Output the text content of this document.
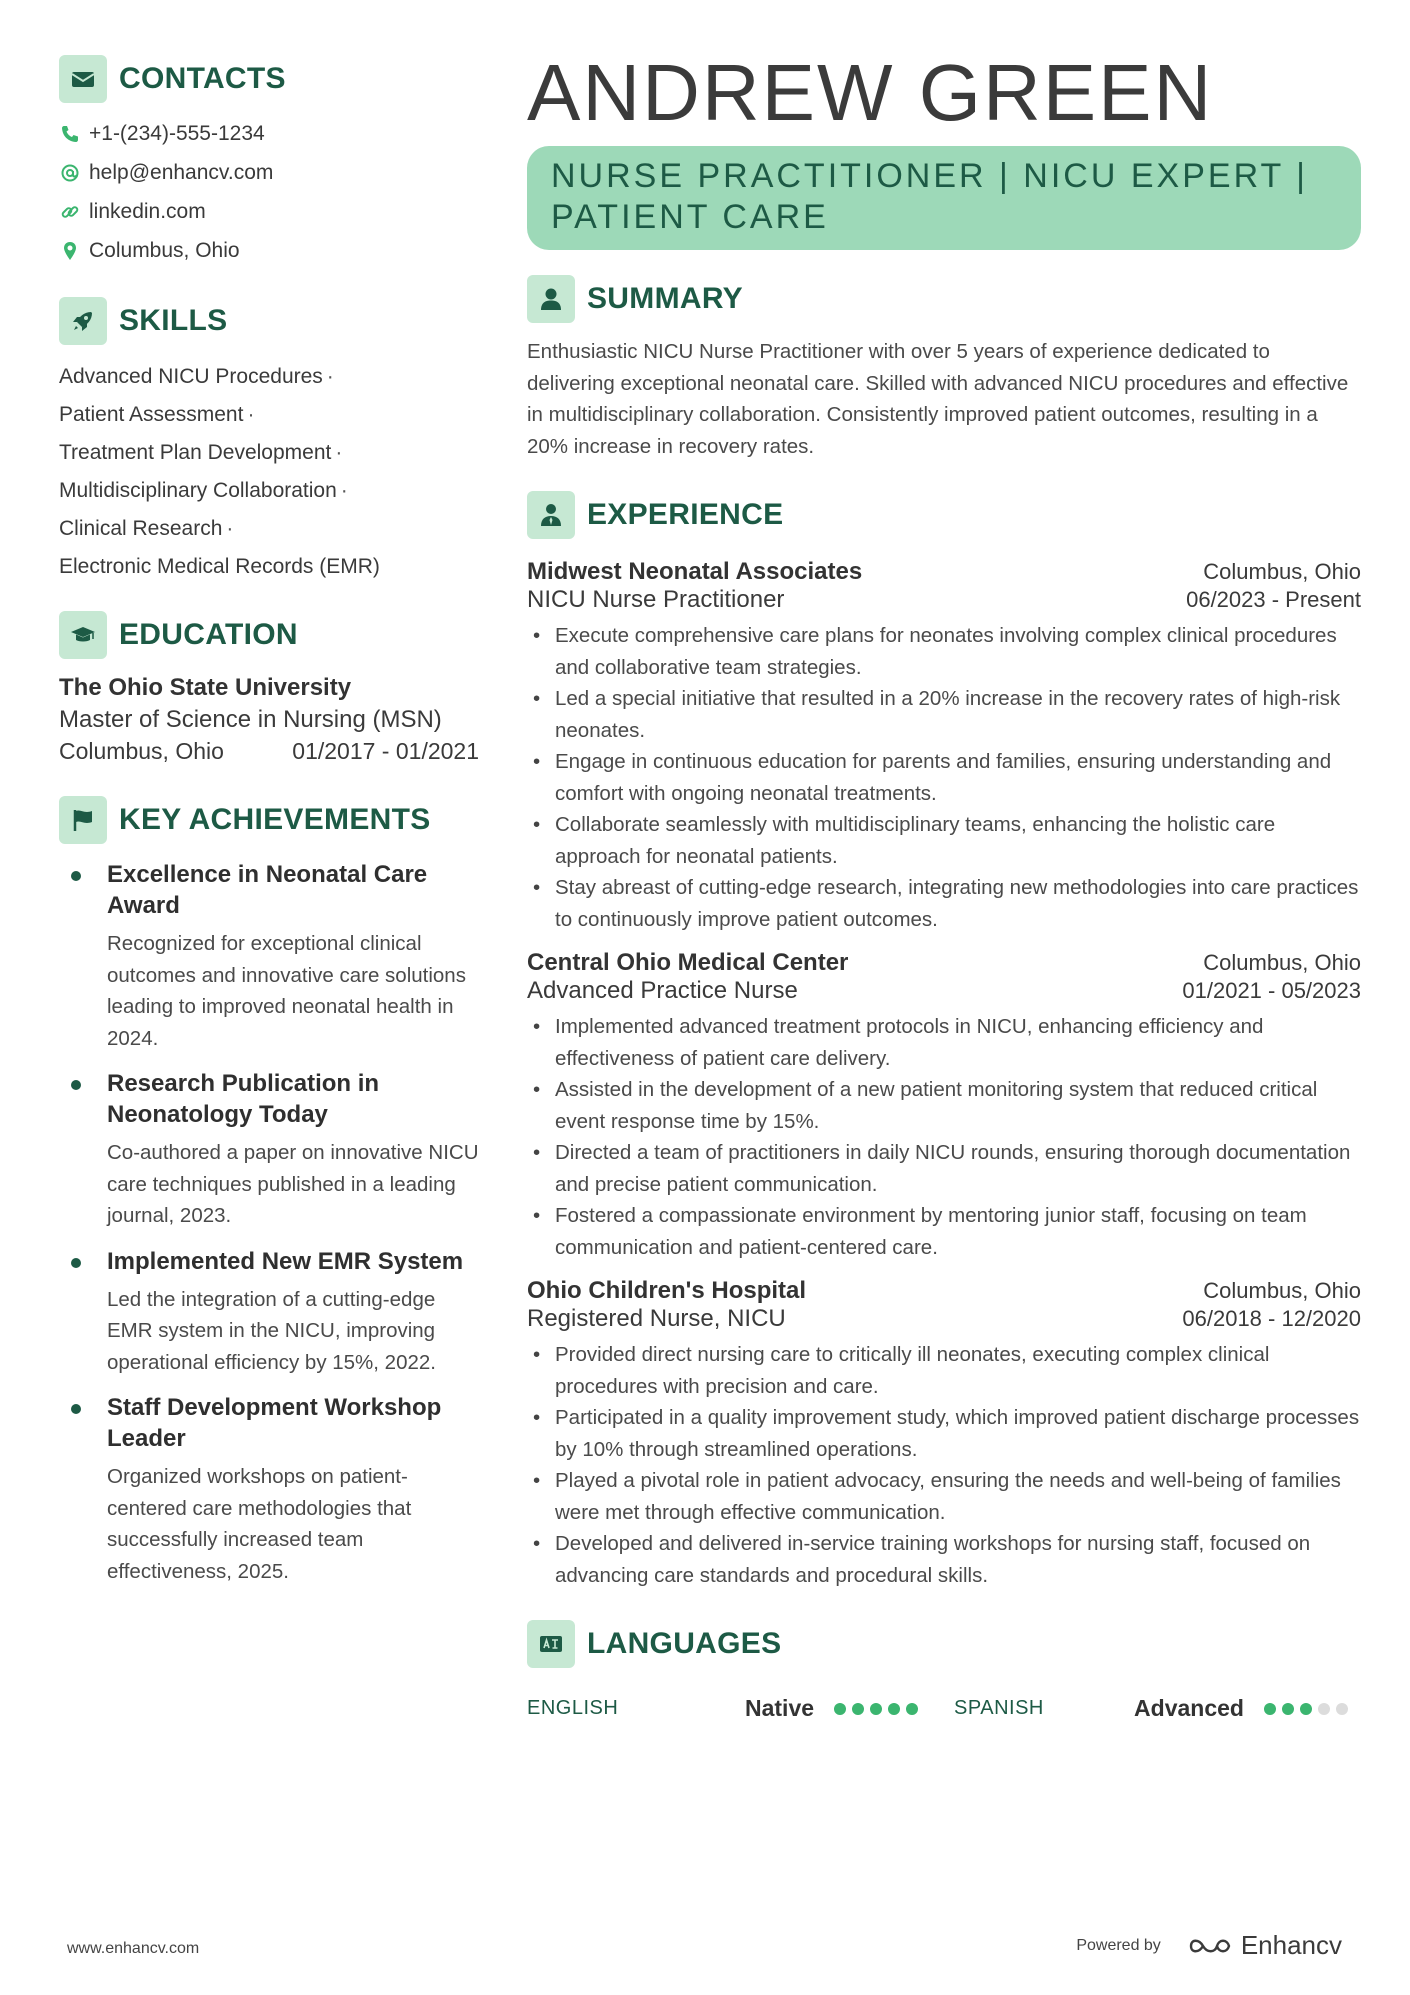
CONTACTS
+1-(234)-555-1234
help@enhancv.com
linkedin.com
Columbus, Ohio
SKILLS
Advanced NICU Procedures ·
Patient Assessment ·
Treatment Plan Development ·
Multidisciplinary Collaboration ·
Clinical Research ·
Electronic Medical Records (EMR)
EDUCATION
The Ohio State University
Master of Science in Nursing (MSN)
Columbus, Ohio	01/2017 - 01/2021
KEY ACHIEVEMENTS
Excellence in Neonatal Care Award
Recognized for exceptional clinical outcomes and innovative care solutions leading to improved neonatal health in 2024.
Research Publication in Neonatology Today
Co-authored a paper on innovative NICU care techniques published in a leading journal, 2023.
Implemented New EMR System
Led the integration of a cutting-edge EMR system in the NICU, improving operational efficiency by 15%, 2022.
Staff Development Workshop Leader
Organized workshops on patient-centered care methodologies that successfully increased team effectiveness, 2025.
ANDREW GREEN
NURSE PRACTITIONER | NICU EXPERT | PATIENT CARE
SUMMARY
Enthusiastic NICU Nurse Practitioner with over 5 years of experience dedicated to delivering exceptional neonatal care. Skilled with advanced NICU procedures and effective in multidisciplinary collaboration. Consistently improved patient outcomes, resulting in a 20% increase in recovery rates.
EXPERIENCE
Midwest Neonatal Associates	Columbus, Ohio
NICU Nurse Practitioner	06/2023 - Present
• Execute comprehensive care plans for neonates involving complex clinical procedures and collaborative team strategies.
• Led a special initiative that resulted in a 20% increase in the recovery rates of high-risk neonates.
• Engage in continuous education for parents and families, ensuring understanding and comfort with ongoing neonatal treatments.
• Collaborate seamlessly with multidisciplinary teams, enhancing the holistic care approach for neonatal patients.
• Stay abreast of cutting-edge research, integrating new methodologies into care practices to continuously improve patient outcomes.
Central Ohio Medical Center	Columbus, Ohio
Advanced Practice Nurse	01/2021 - 05/2023
• Implemented advanced treatment protocols in NICU, enhancing efficiency and effectiveness of patient care delivery.
• Assisted in the development of a new patient monitoring system that reduced critical event response time by 15%.
• Directed a team of practitioners in daily NICU rounds, ensuring thorough documentation and precise patient communication.
• Fostered a compassionate environment by mentoring junior staff, focusing on team communication and patient-centered care.
Ohio Children's Hospital	Columbus, Ohio
Registered Nurse, NICU	06/2018 - 12/2020
• Provided direct nursing care to critically ill neonates, executing complex clinical procedures with precision and care.
• Participated in a quality improvement study, which improved patient discharge processes by 10% through streamlined operations.
• Played a pivotal role in patient advocacy, ensuring the needs and well-being of families were met through effective communication.
• Developed and delivered in-service training workshops for nursing staff, focused on advancing care standards and procedural skills.
LANGUAGES
ENGLISH	Native	SPANISH	Advanced
www.enhancv.com	Powered by	Enhancv
